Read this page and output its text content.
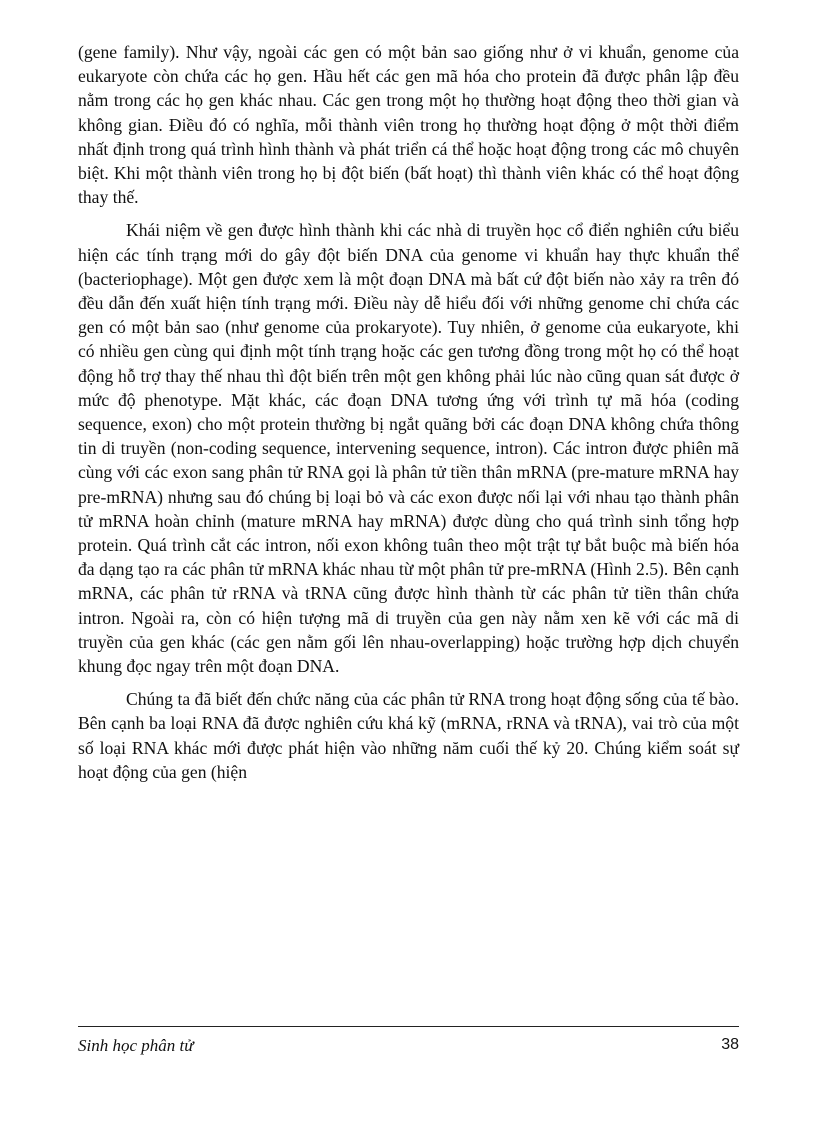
(gene family). Như vậy, ngoài các gen có một bản sao giống như ở vi khuẩn, genome của eukaryote còn chứa các họ gen. Hầu hết các gen mã hóa cho protein đã được phân lập đều nằm trong các họ gen khác nhau. Các gen trong một họ thường hoạt động theo thời gian và không gian. Điều đó có nghĩa, mỗi thành viên trong họ thường hoạt động ở một thời điểm nhất định trong quá trình hình thành và phát triển cá thể hoặc hoạt động trong các mô chuyên biệt. Khi một thành viên trong họ bị đột biến (bất hoạt) thì thành viên khác có thể hoạt động thay thế.

Khái niệm về gen được hình thành khi các nhà di truyền học cổ điển nghiên cứu biểu hiện các tính trạng mới do gây đột biến DNA của genome vi khuẩn hay thực khuẩn thể (bacteriophage). Một gen được xem là một đoạn DNA mà bất cứ đột biến nào xảy ra trên đó đều dẫn đến xuất hiện tính trạng mới. Điều này dễ hiểu đối với những genome chỉ chứa các gen có một bản sao (như genome của prokaryote). Tuy nhiên, ở genome của eukaryote, khi có nhiều gen cùng qui định một tính trạng hoặc các gen tương đồng trong một họ có thể hoạt động hỗ trợ thay thế nhau thì đột biến trên một gen không phải lúc nào cũng quan sát được ở mức độ phenotype. Mặt khác, các đoạn DNA tương ứng với trình tự mã hóa (coding sequence, exon) cho một protein thường bị ngắt quãng bởi các đoạn DNA không chứa thông tin di truyền (non-coding sequence, intervening sequence, intron). Các intron được phiên mã cùng với các exon sang phân tử RNA gọi là phân tử tiền thân mRNA (pre-mature mRNA hay pre-mRNA) nhưng sau đó chúng bị loại bỏ và các exon được nối lại với nhau tạo thành phân tử mRNA hoàn chỉnh (mature mRNA hay mRNA) được dùng cho quá trình sinh tổng hợp protein. Quá trình cắt các intron, nối exon không tuân theo một trật tự bắt buộc mà biến hóa đa dạng tạo ra các phân tử mRNA khác nhau từ một phân tử pre-mRNA (Hình 2.5). Bên cạnh mRNA, các phân tử rRNA và tRNA cũng được hình thành từ các phân tử tiền thân chứa intron. Ngoài ra, còn có hiện tượng mã di truyền của gen này nằm xen kẽ với các mã di truyền của gen khác (các gen nằm gối lên nhau-overlapping) hoặc trường hợp dịch chuyển khung đọc ngay trên một đoạn DNA.

Chúng ta đã biết đến chức năng của các phân tử RNA trong hoạt động sống của tế bào. Bên cạnh ba loại RNA đã được nghiên cứu khá kỹ (mRNA, rRNA và tRNA), vai trò của một số loại RNA khác mới được phát hiện vào những năm cuối thế kỷ 20. Chúng kiểm soát sự hoạt động của gen (hiện

Sinh học phân tử	38
